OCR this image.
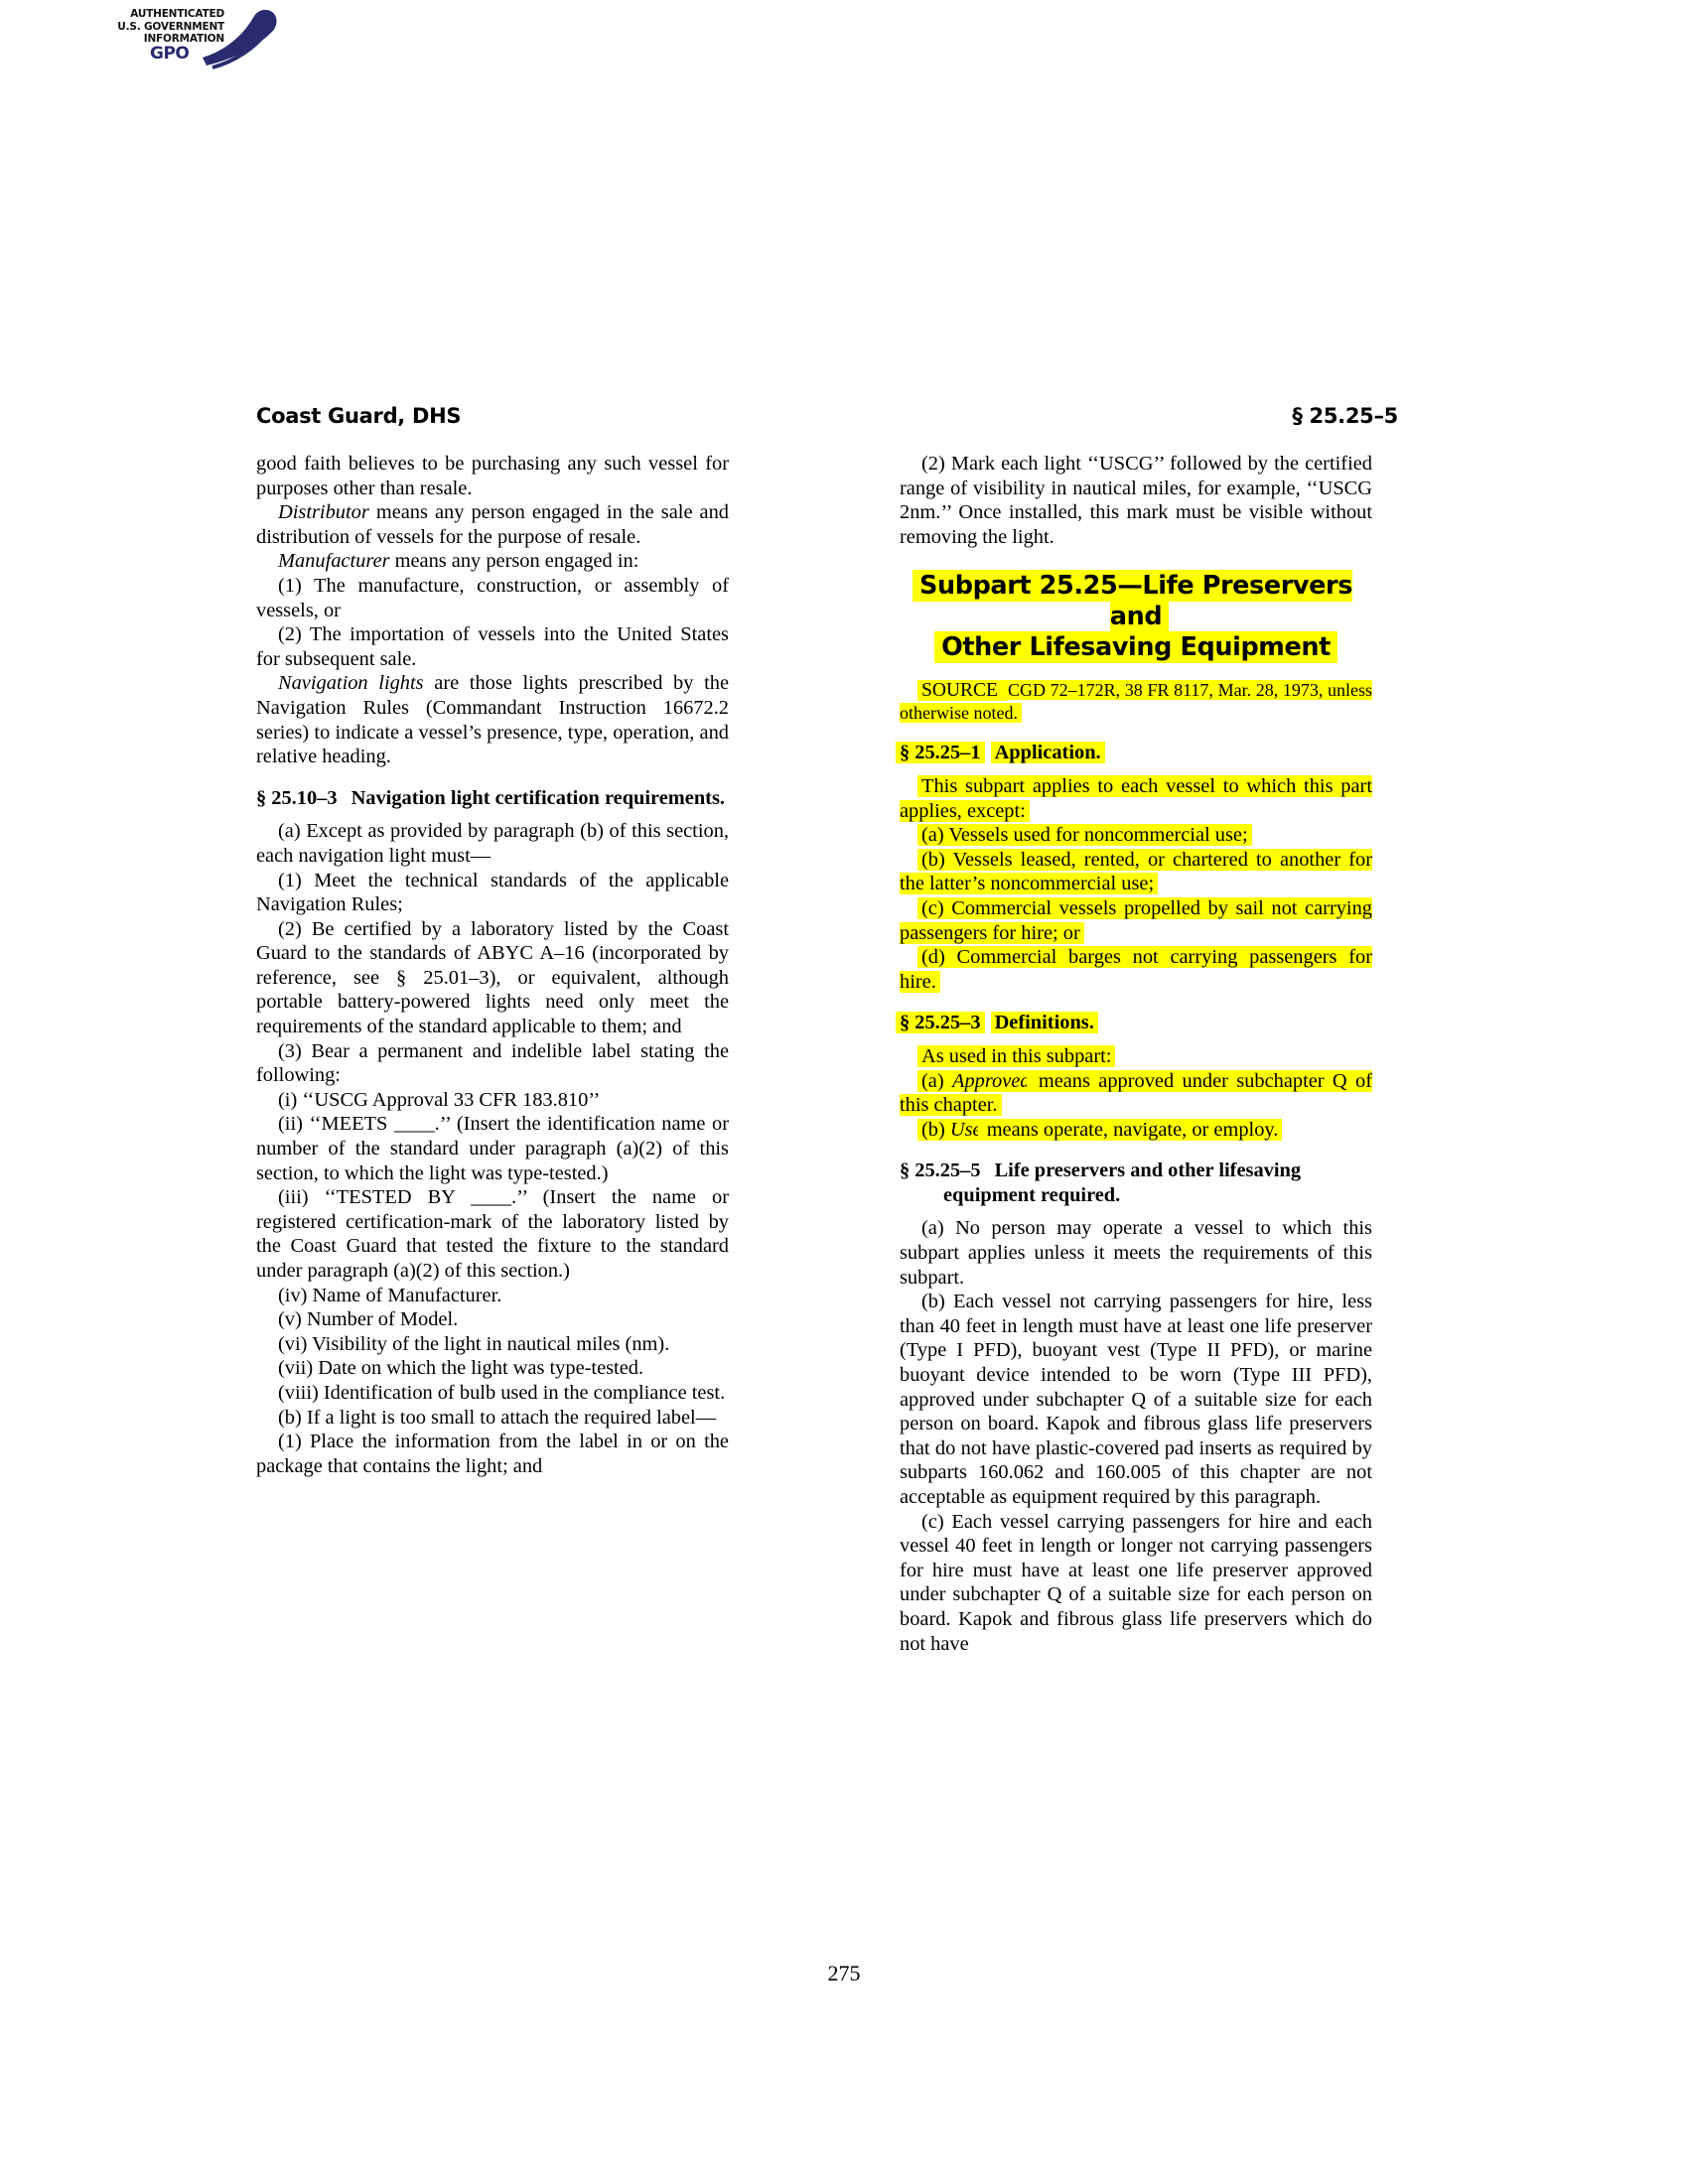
AUTHENTICATED
U.S. GOVERNMENT
INFORMATION
GPO
Coast Guard, DHS	§ 25.25–5

good faith believes to be purchasing any such vessel for purposes other than resale.

Distributor means any person engaged in the sale and distribution of vessels for the purpose of resale.

Manufacturer means any person engaged in:

(1) The manufacture, construction, or assembly of vessels, or

(2) The importation of vessels into the United States for subsequent sale.

Navigation lights are those lights prescribed by the Navigation Rules (Commandant Instruction 16672.2 series) to indicate a vessel’s presence, type, operation, and relative heading.

§ 25.10–3 Navigation light certification requirements.

(a) Except as provided by paragraph (b) of this section, each navigation light must—

(1) Meet the technical standards of the applicable Navigation Rules;

(2) Be certified by a laboratory listed by the Coast Guard to the standards of ABYC A–16 (incorporated by reference, see § 25.01–3), or equivalent, although portable battery-powered lights need only meet the requirements of the standard applicable to them; and

(3) Bear a permanent and indelible label stating the following:

(i) ‘‘USCG Approval 33 CFR 183.810’’

(ii) ‘‘MEETS ____.’’ (Insert the identification name or number of the standard under paragraph (a)(2) of this section, to which the light was type-tested.)

(iii) ‘‘TESTED BY ____.’’ (Insert the name or registered certification-mark of the laboratory listed by the Coast Guard that tested the fixture to the standard under paragraph (a)(2) of this section.)

(iv) Name of Manufacturer.

(v) Number of Model.

(vi) Visibility of the light in nautical miles (nm).

(vii) Date on which the light was type-tested.

(viii) Identification of bulb used in the compliance test.

(b) If a light is too small to attach the required label—

(1) Place the information from the label in or on the package that contains the light; and

(2) Mark each light ‘‘USCG’’ followed by the certified range of visibility in nautical miles, for example, ‘‘USCG 2nm.’’ Once installed, this mark must be visible without removing the light.

Subpart 25.25—Life Preservers and
Other Lifesaving Equipment

SOURCE: CGD 72–172R, 38 FR 8117, Mar. 28, 1973, unless otherwise noted.

§ 25.25–1 Application.

This subpart applies to each vessel to which this part applies, except:

(a) Vessels used for noncommercial use;

(b) Vessels leased, rented, or chartered to another for the latter’s noncommercial use;

(c) Commercial vessels propelled by sail not carrying passengers for hire; or

(d) Commercial barges not carrying passengers for hire.

§ 25.25–3 Definitions.

As used in this subpart:

(a) Approved means approved under subchapter Q of this chapter.

(b) Use means operate, navigate, or employ.

§ 25.25–5 Life preservers and other lifesaving equipment required.

(a) No person may operate a vessel to which this subpart applies unless it meets the requirements of this subpart.

(b) Each vessel not carrying passengers for hire, less than 40 feet in length must have at least one life preserver (Type I PFD), buoyant vest (Type II PFD), or marine buoyant device intended to be worn (Type III PFD), approved under subchapter Q of a suitable size for each person on board. Kapok and fibrous glass life preservers that do not have plastic-covered pad inserts as required by subparts 160.062 and 160.005 of this chapter are not acceptable as equipment required by this paragraph.

(c) Each vessel carrying passengers for hire and each vessel 40 feet in length or longer not carrying passengers for hire must have at least one life preserver approved under subchapter Q of a suitable size for each person on board. Kapok and fibrous glass life preservers which do not have

275
